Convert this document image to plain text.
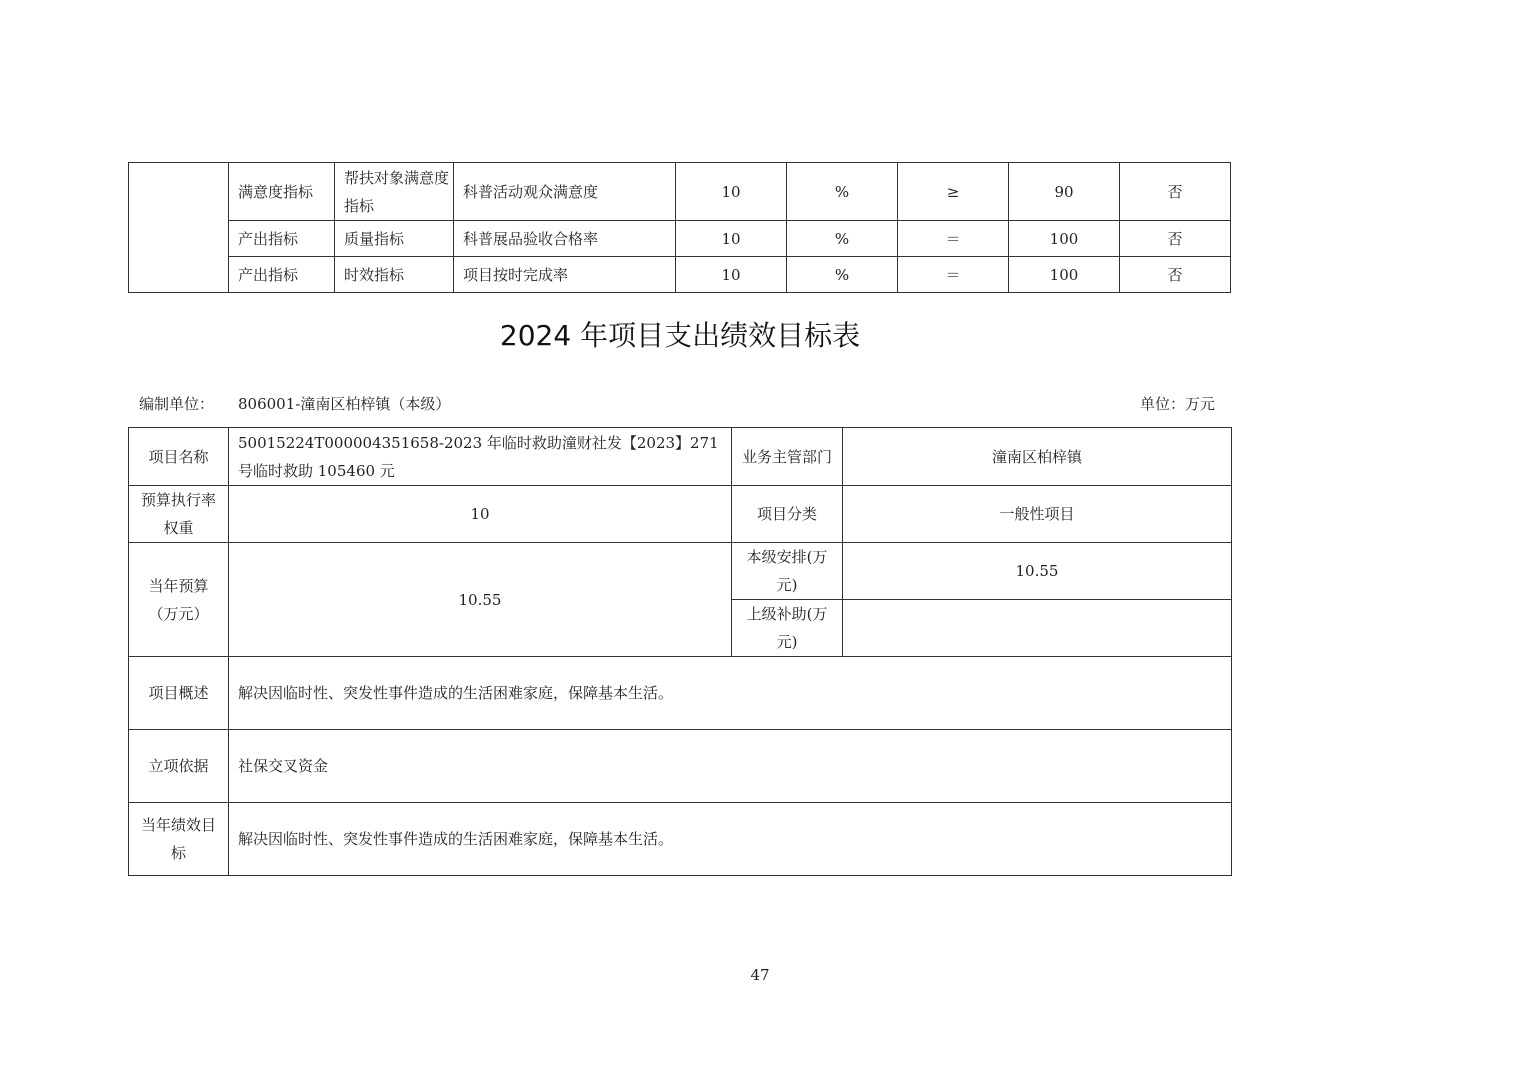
	满意度指标	帮扶对象满意度指标	科普活动观众满意度	10	%	≥	90	否
	产出指标	质量指标	科普展品验收合格率	10	%	＝	100	否
	产出指标	时效指标	项目按时完成率	10	%	＝	100	否
2024 年项目支出绩效目标表
编制单位： 806001-潼南区柏梓镇（本级）	单位：万元
项目名称	50015224T000004351658-2023 年临时救助潼财社发【2023】271 号临时救助 105460 元	业务主管部门	潼南区柏梓镇
预算执行率权重	10	项目分类	一般性项目
当年预算（万元）	10.55	本级安排(万元)	10.55
		上级补助(万元)	
项目概述	解决因临时性、突发性事件造成的生活困难家庭，保障基本生活。		
立项依据	社保交叉资金		
当年绩效目标	解决因临时性、突发性事件造成的生活困难家庭，保障基本生活。		
47
